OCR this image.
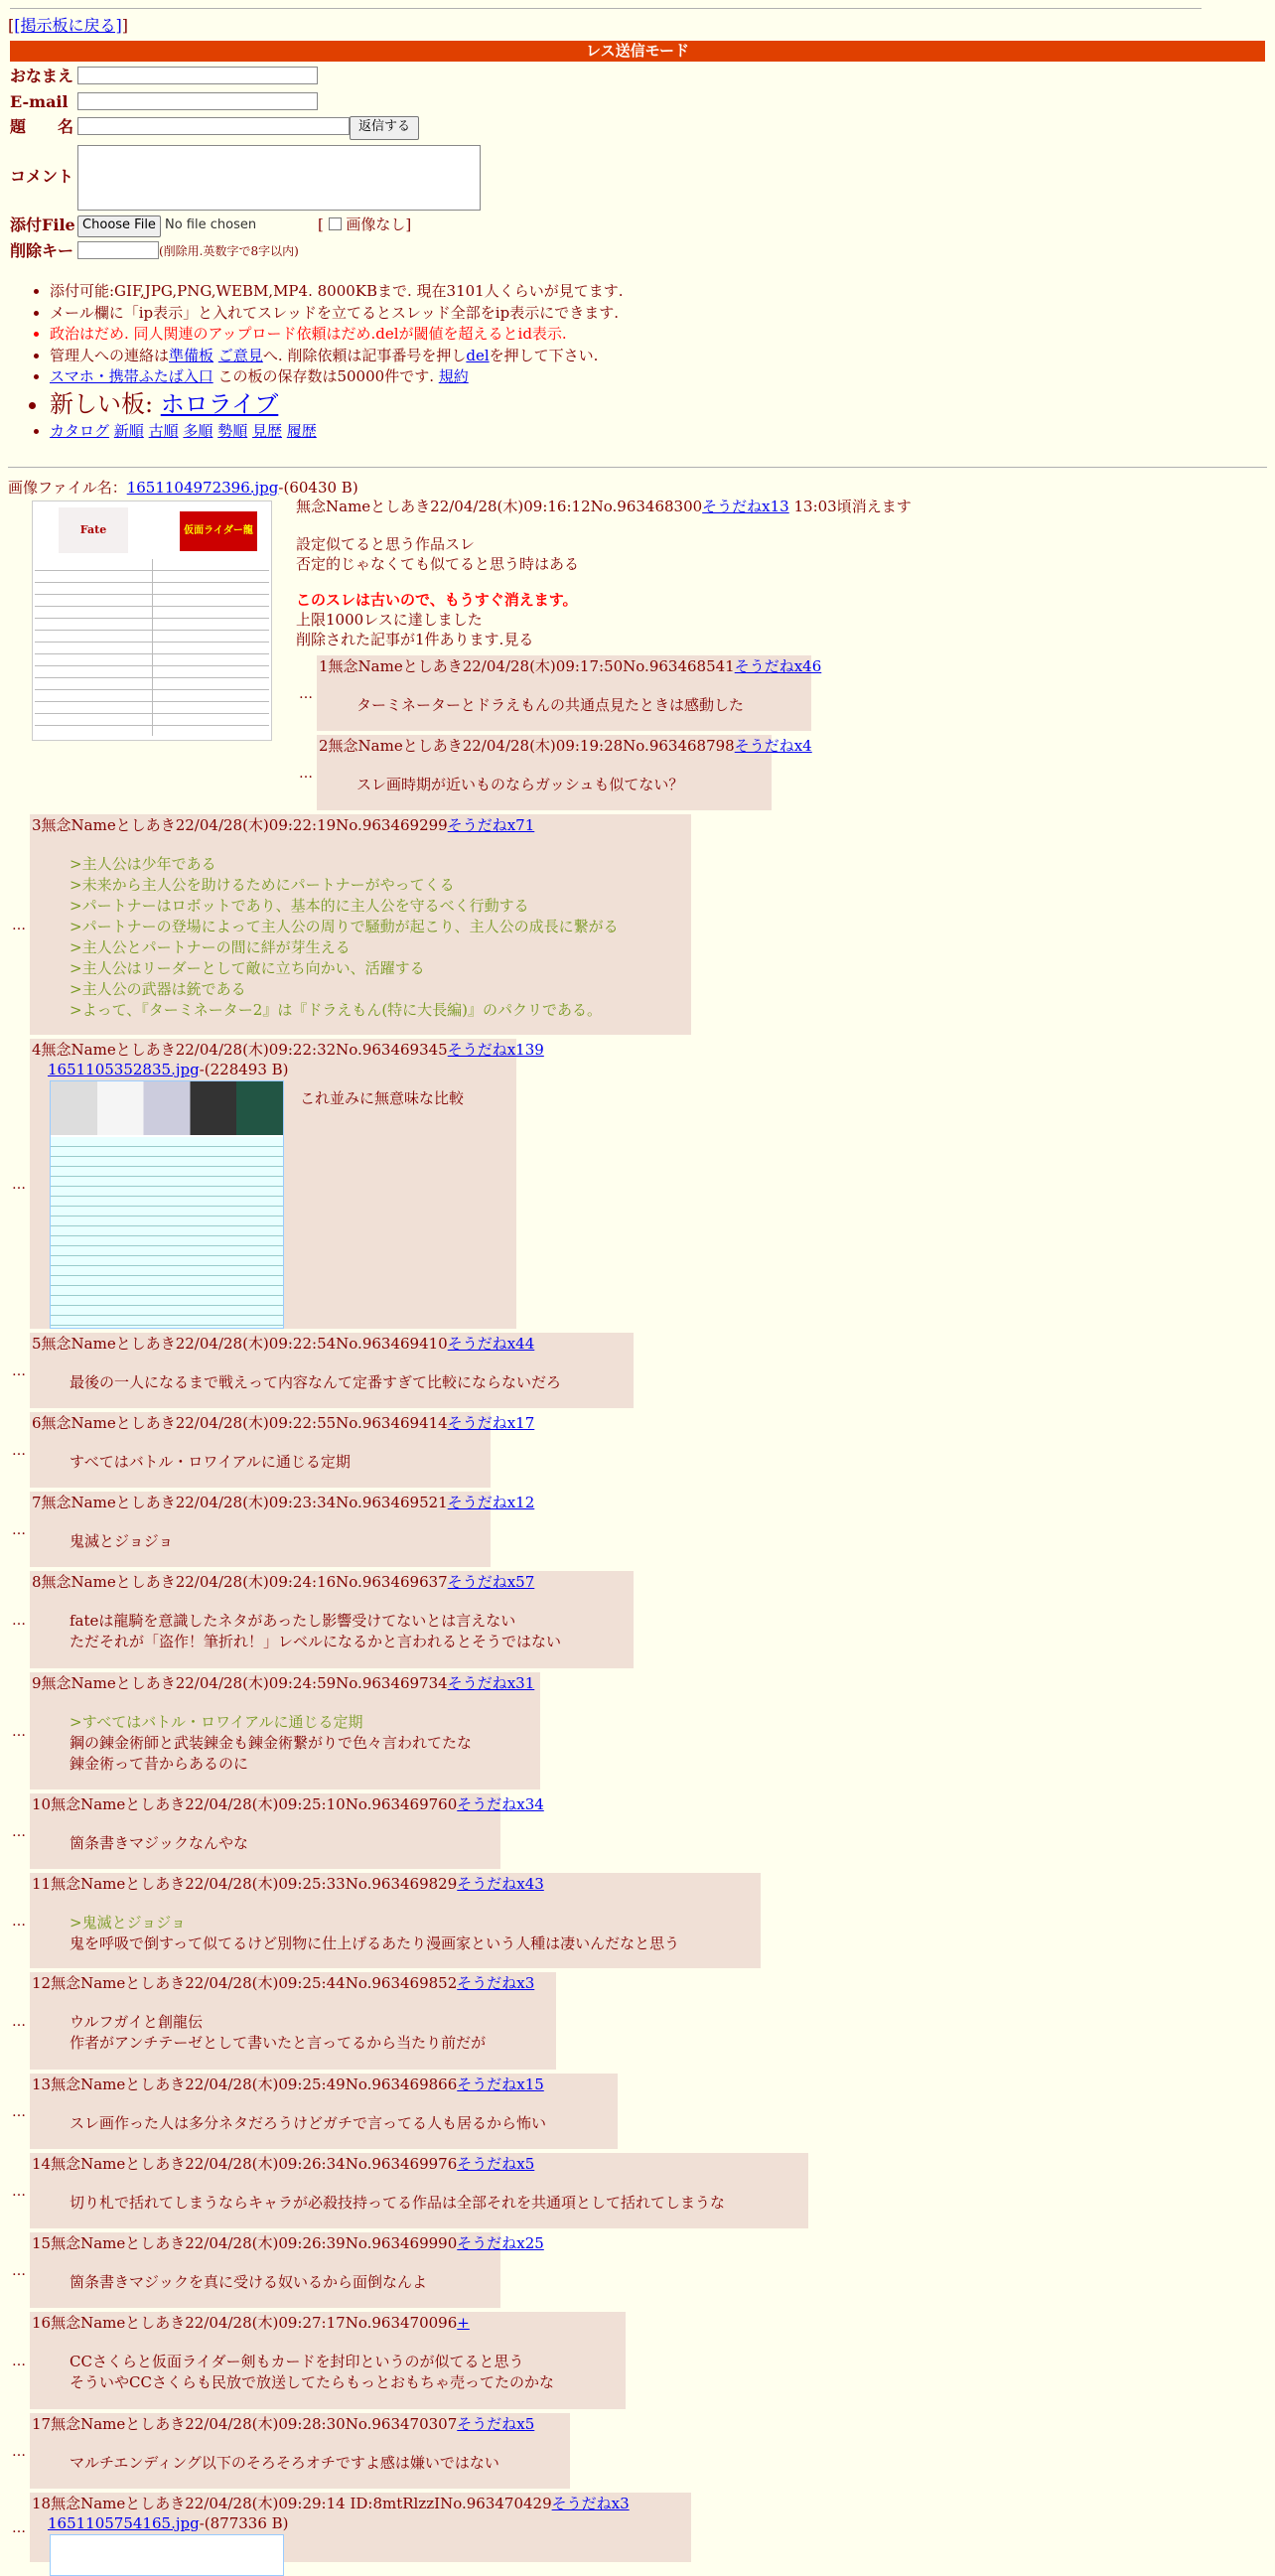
[[掲示板に戻る]]
レス送信モード
おなまえ
E-mail
題　　名	返信する
コメント
添付File Choose File No file chosen	[  画像なし]
削除キー	(削除用.英数字で8字以内)
• 添付可能:GIF,JPG,PNG,WEBM,MP4. 8000KBまで. 現在3101人くらいが見てます.
• メール欄に「ip表示」と入れてスレッドを立てるとスレッド全部をip表示にできます.
• 政治はだめ. 同人関連のアップロード依頼はだめ.delが閾値を超えるとid表示.
• 管理人への連絡は準備板 ご意見へ. 削除依頼は記事番号を押しdelを押して下さい.
• スマホ・携帯ふたば入口 この板の保存数は50000件です. 規約
• 新しい板: ホロライブ
• カタログ 新順 古順 多順 勢順 見歴 履歴
画像ファイル名：1651104972396.jpg-(60430 B)
Fate	仮面ライダー龍
無念Nameとしあき22/04/28(木)09:16:12No.963468300そうだねx13 13:03頃消えます
設定似てると思う作品スレ
否定的じゃなくても似てると思う時はある
このスレは古いので、もうすぐ消えます。
上限1000レスに達しました
削除された記事が1件あります.見る
1無念Nameとしあき22/04/28(木)09:17:50No.963468541そうだねx46
ターミネーターとドラえもんの共通点見たときは感動した
…
2無念Nameとしあき22/04/28(木)09:19:28No.963468798そうだねx4
スレ画時期が近いものならガッシュも似てない？
…
3無念Nameとしあき22/04/28(木)09:22:19No.963469299そうだねx71
>主人公は少年である
>未来から主人公を助けるためにパートナーがやってくる
>パートナーはロボットであり、基本的に主人公を守るべく行動する
>パートナーの登場によって主人公の周りで騒動が起こり、主人公の成長に繋がる
>主人公とパートナーの間に絆が芽生える
>主人公はリーダーとして敵に立ち向かい、活躍する
>主人公の武器は銃である
>よって、『ターミネーター2』は『ドラえもん(特に大長編)』のパクリである。
…
4無念Nameとしあき22/04/28(木)09:22:32No.963469345そうだねx139
1651105352835.jpg-(228493 B)
これ並みに無意味な比較
…
5無念Nameとしあき22/04/28(木)09:22:54No.963469410そうだねx44
最後の一人になるまで戦えって内容なんて定番すぎて比較にならないだろ
…
6無念Nameとしあき22/04/28(木)09:22:55No.963469414そうだねx17
すべてはバトル・ロワイアルに通じる定期
…
7無念Nameとしあき22/04/28(木)09:23:34No.963469521そうだねx12
鬼滅とジョジョ
…
8無念Nameとしあき22/04/28(木)09:24:16No.963469637そうだねx57
fateは龍騎を意識したネタがあったし影響受けてないとは言えない
ただそれが「盗作！筆折れ！」レベルになるかと言われるとそうではない
…
9無念Nameとしあき22/04/28(木)09:24:59No.963469734そうだねx31
>すべてはバトル・ロワイアルに通じる定期
鋼の錬金術師と武装錬金も錬金術繋がりで色々言われてたな
錬金術って昔からあるのに
…
10無念Nameとしあき22/04/28(木)09:25:10No.963469760そうだねx34
箇条書きマジックなんやな
…
11無念Nameとしあき22/04/28(木)09:25:33No.963469829そうだねx43
>鬼滅とジョジョ
鬼を呼吸で倒すって似てるけど別物に仕上げるあたり漫画家という人種は凄いんだなと思う
…
12無念Nameとしあき22/04/28(木)09:25:44No.963469852そうだねx3
ウルフガイと創龍伝
作者がアンチテーゼとして書いたと言ってるから当たり前だが
…
13無念Nameとしあき22/04/28(木)09:25:49No.963469866そうだねx15
スレ画作った人は多分ネタだろうけどガチで言ってる人も居るから怖い
…
14無念Nameとしあき22/04/28(木)09:26:34No.963469976そうだねx5
切り札で括れてしまうならキャラが必殺技持ってる作品は全部それを共通項として括れてしまうな
…
15無念Nameとしあき22/04/28(木)09:26:39No.963469990そうだねx25
箇条書きマジックを真に受ける奴いるから面倒なんよ
…
16無念Nameとしあき22/04/28(木)09:27:17No.963470096+
CCさくらと仮面ライダー剣もカードを封印というのが似てると思う
そういやCCさくらも民放で放送してたらもっとおもちゃ売ってたのかな
…
17無念Nameとしあき22/04/28(木)09:28:30No.963470307そうだねx5
マルチエンディング以下のそろそろオチですよ感は嫌いではない
…
18無念Nameとしあき22/04/28(木)09:29:14 ID:8mtRlzzINo.963470429そうだねx3
1651105754165.jpg-(877336 B)
…
